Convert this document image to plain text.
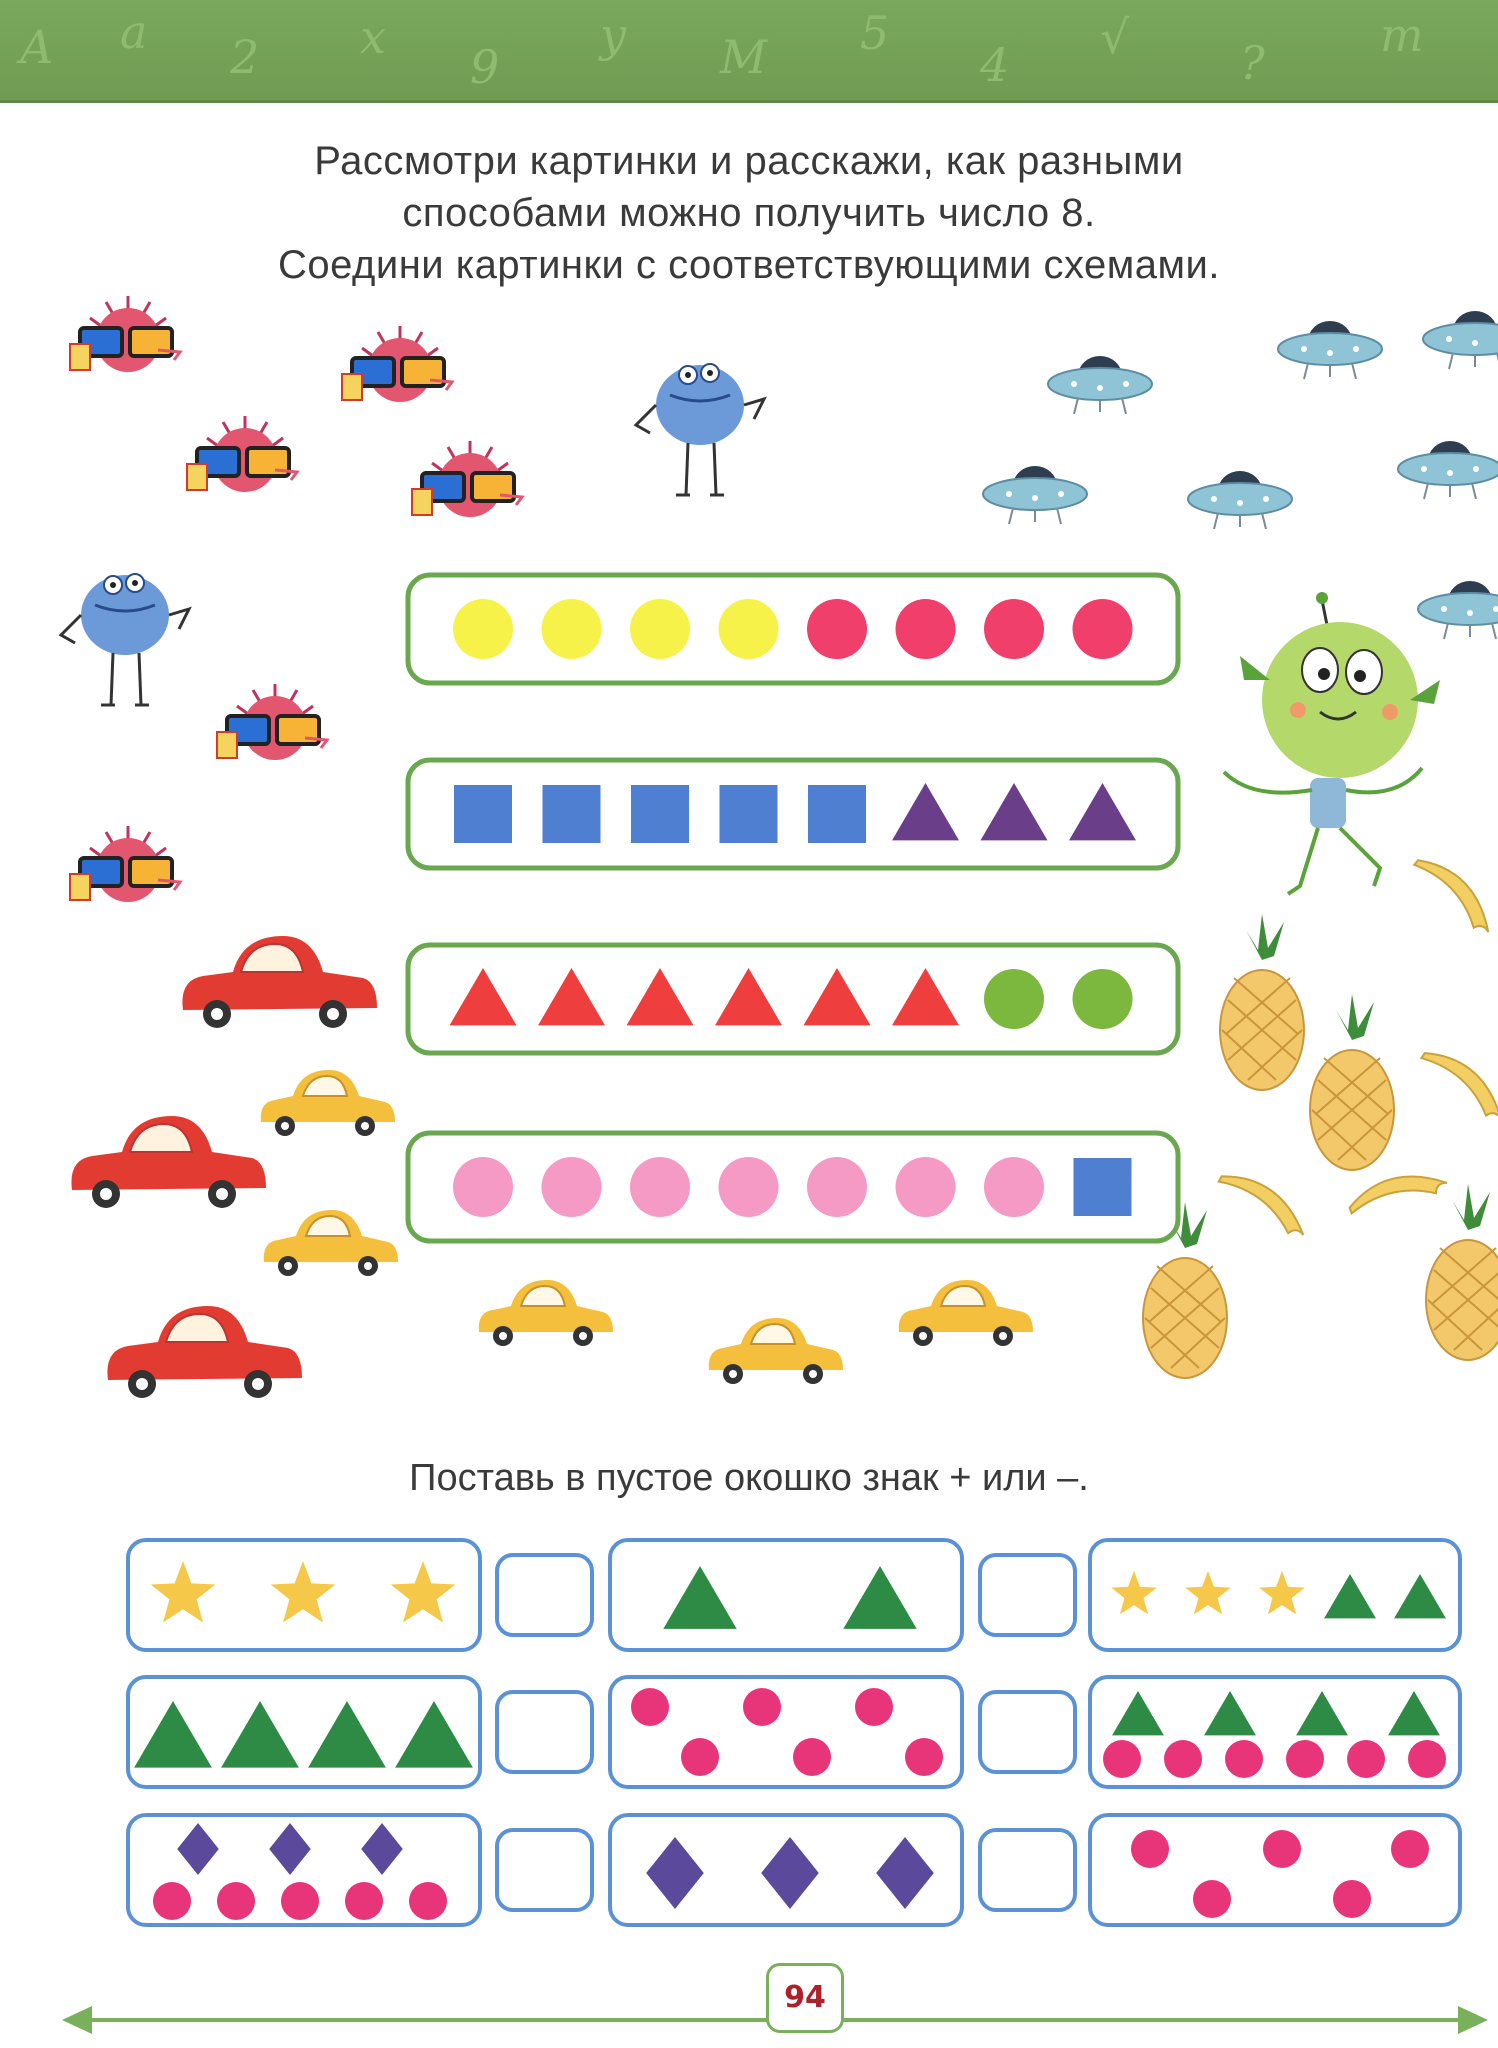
A a 2 x
9
y M 5
4
√ ?
m
Рассмотри картинки и расскажи, как разными
способами можно получить число 8.
Соедини картинки с соответствующими схемами.
Поставь в пустое окошко знак + или –.
94
